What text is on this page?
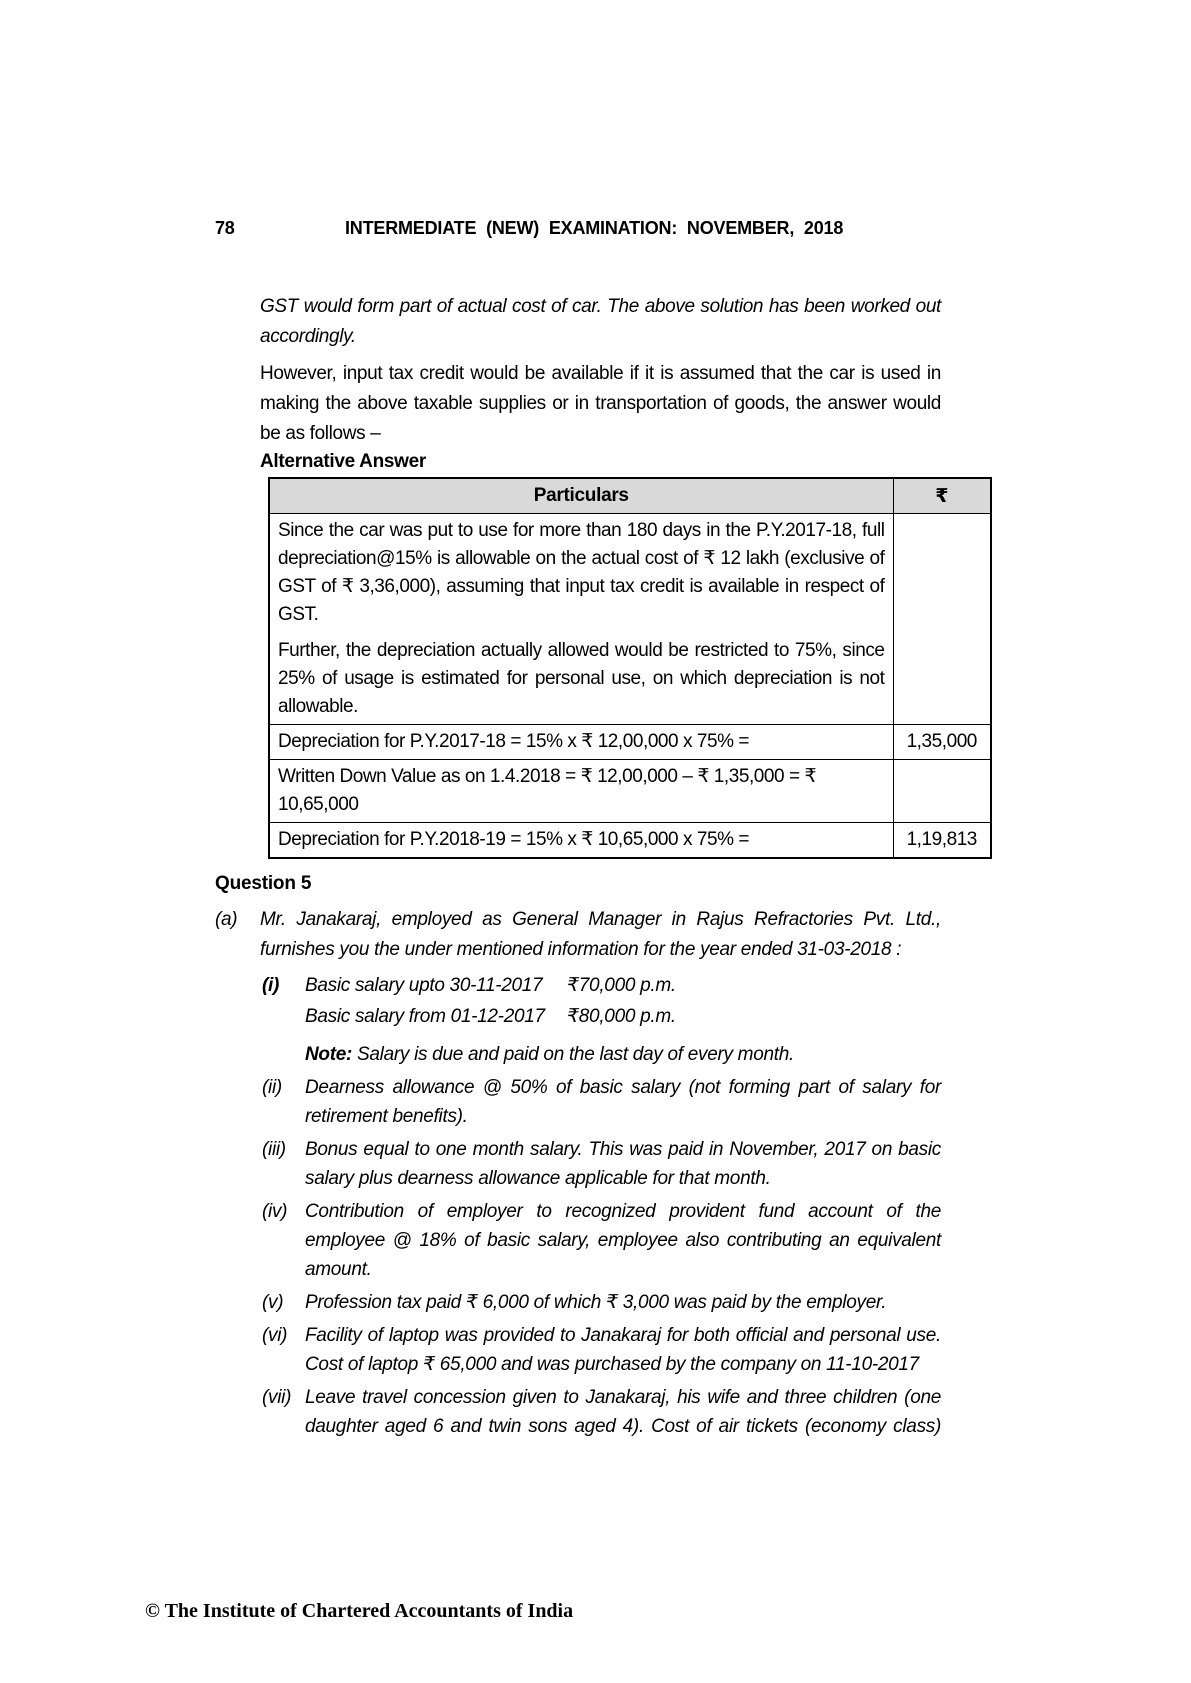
78	INTERMEDIATE (NEW) EXAMINATION: NOVEMBER, 2018
GST would form part of actual cost of car. The above solution has been worked out accordingly.
However, input tax credit would be available if it is assumed that the car is used in making the above taxable supplies or in transportation of goods, the answer would be as follows –
Alternative Answer
Particulars	₹

Since the car was put to use for more than 180 days in the P.Y.2017-18, full depreciation@15% is allowable on the actual cost of ₹ 12 lakh (exclusive of GST of ₹ 3,36,000), assuming that input tax credit is available in respect of GST.

Further, the depreciation actually allowed would be restricted to 75%, since 25% of usage is estimated for personal use, on which depreciation is not allowable.	

Depreciation for P.Y.2017-18 = 15% x ₹ 12,00,000 x 75% =	1,35,000
Written Down Value as on 1.4.2018 = ₹ 12,00,000 – ₹ 1,35,000 = ₹ 10,65,000	
Depreciation for P.Y.2018-19 = 15% x ₹ 10,65,000 x 75% =	1,19,813
Question 5
(a)	Mr. Janakaraj, employed as General Manager in Rajus Refractories Pvt. Ltd., furnishes you the under mentioned information for the year ended 31-03-2018 :
(i)	Basic salary upto 30-11-2017	₹70,000 p.m.
Basic salary from 01-12-2017	₹80,000 p.m.
Note: Salary is due and paid on the last day of every month.
(ii)	Dearness allowance @ 50% of basic salary (not forming part of salary for retirement benefits).
(iii)	Bonus equal to one month salary. This was paid in November, 2017 on basic salary plus dearness allowance applicable for that month.
(iv) Contribution of employer to recognized provident fund account of the employee @ 18% of basic salary, employee also contributing an equivalent amount.
(v)	Profession tax paid ₹ 6,000 of which ₹ 3,000 was paid by the employer.
(vi) Facility of laptop was provided to Janakaraj for both official and personal use. Cost of laptop ₹ 65,000 and was purchased by the company on 11-10-2017
(vii) Leave travel concession given to Janakaraj, his wife and three children (one daughter aged 6 and twin sons aged 4). Cost of air tickets (economy class)
© The Institute of Chartered Accountants of India
